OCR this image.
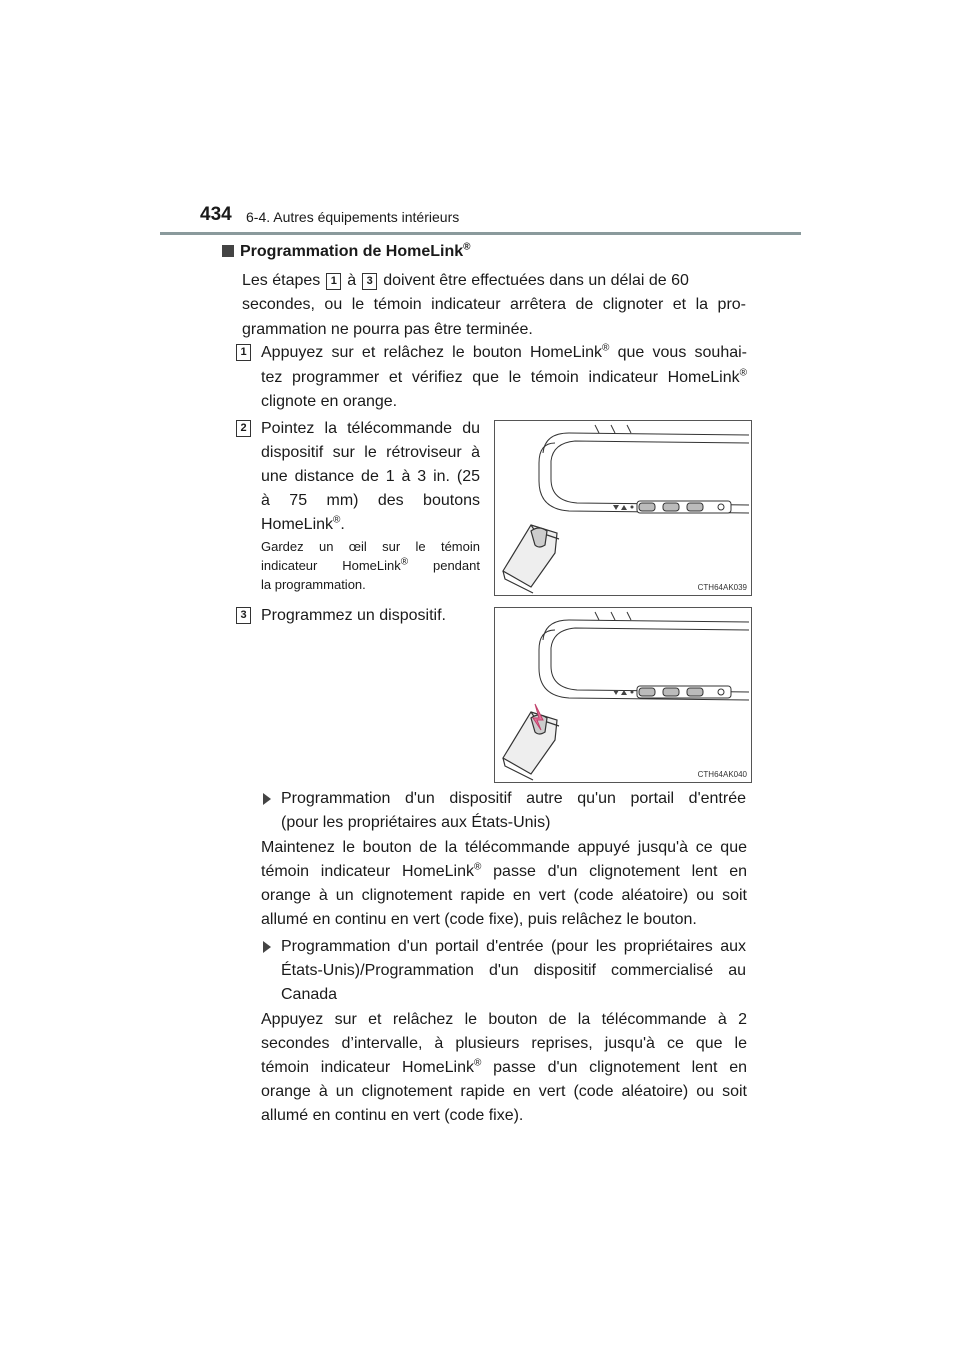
434 6-4. Autres équipements intérieurs
Programmation de HomeLink®
Les étapes 1 à 3 doivent être effectuées dans un délai de 60
secondes, ou le témoin indicateur arrêtera de clignoter et la pro-
grammation ne pourra pas être terminée.
1 Appuyez sur et relâchez le bouton HomeLink® que vous souhai-
tez programmer et vérifiez que le témoin indicateur HomeLink®
clignote en orange.
2 Pointez la télécommande du
dispositif sur le rétroviseur à
une distance de 1 à 3 in. (25
à 75 mm) des boutons
HomeLink®.
Gardez un œil sur le témoin
indicateur HomeLink® pendant
la programmation.	CTH64AK039
3 Programmez un dispositif.
CTH64AK040
Programmation d'un dispositif autre qu'un portail d'entrée
(pour les propriétaires aux États-Unis)
Maintenez le bouton de la télécommande appuyé jusqu'à ce que
témoin indicateur HomeLink® passe d'un clignotement lent en
orange à un clignotement rapide en vert (code aléatoire) ou soit
allumé en continu en vert (code fixe), puis relâchez le bouton.
Programmation d'un portail d'entrée (pour les propriétaires aux
États-Unis)/Programmation d'un dispositif commercialisé au
Canada
Appuyez sur et relâchez le bouton de la télécommande à 2
secondes d’intervalle, à plusieurs reprises, jusqu'à ce que le
témoin indicateur HomeLink® passe d'un clignotement lent en
orange à un clignotement rapide en vert (code aléatoire) ou soit
allumé en continu en vert (code fixe).
